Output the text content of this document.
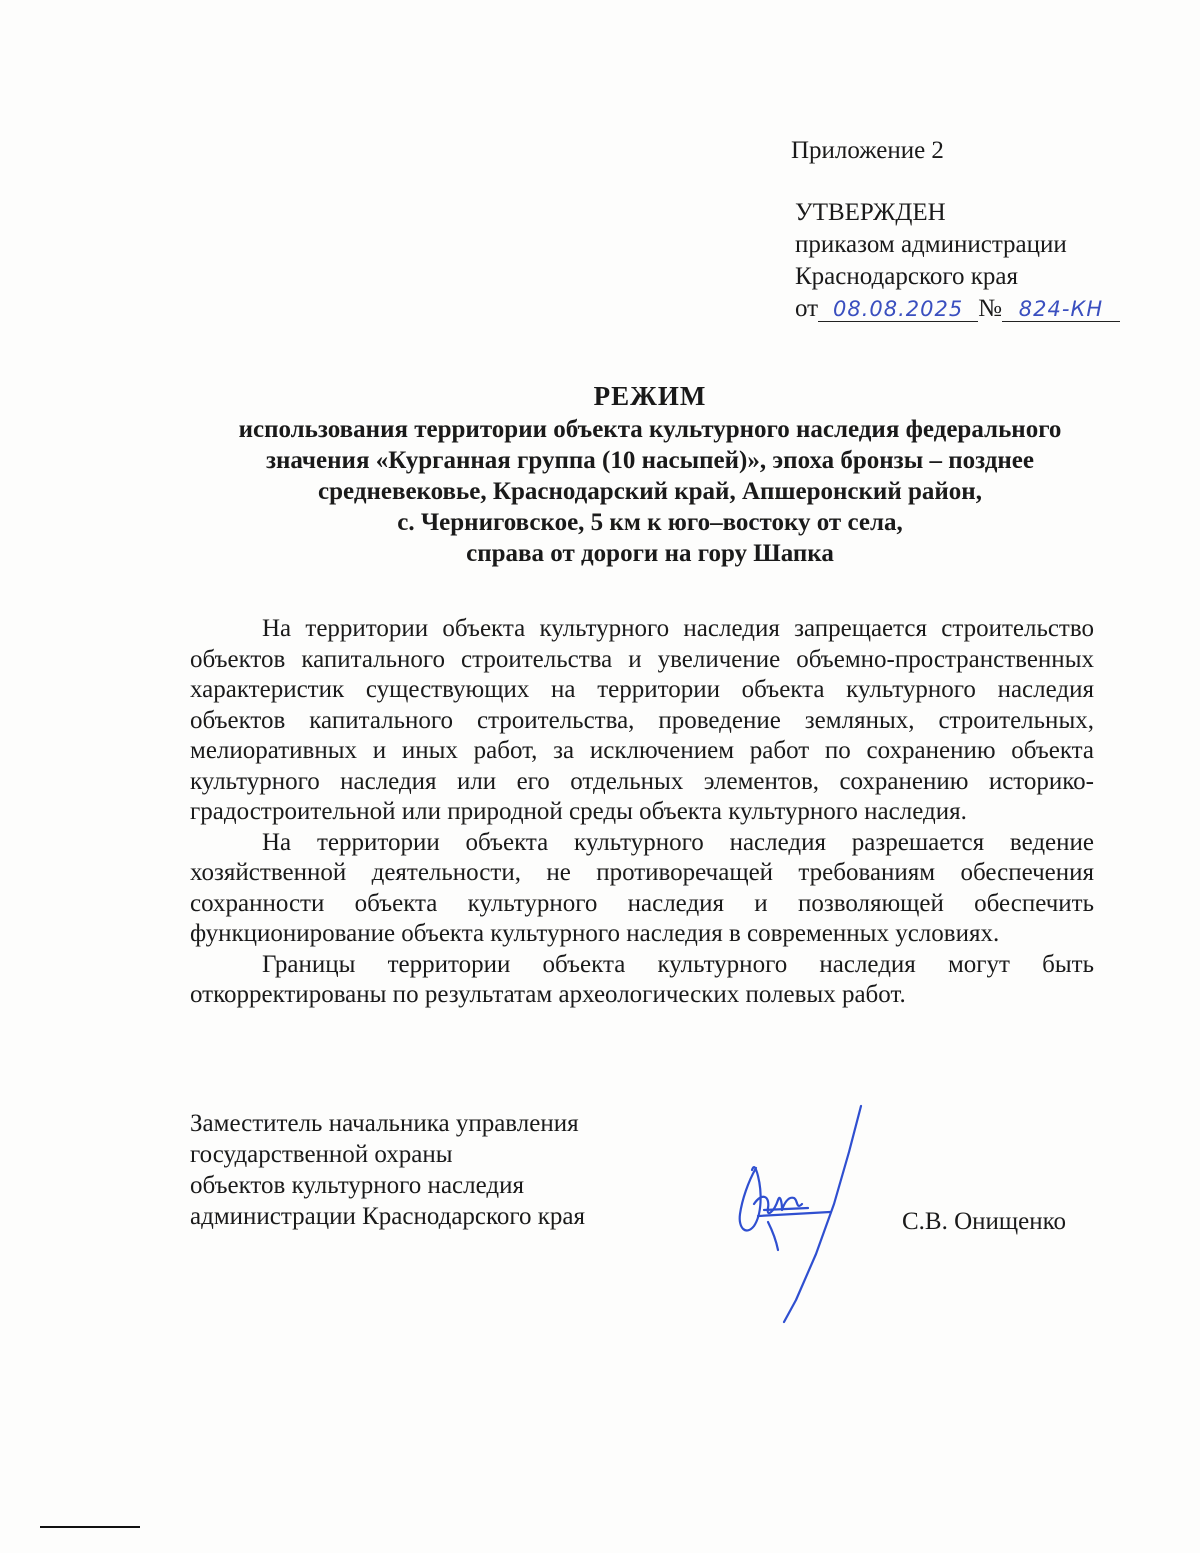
Приложение 2
УТВЕРЖДЕН
приказом администрации
Краснодарского края
от 08.08.2025 № 824-КН
РЕЖИМ
использования территории объекта культурного наследия федерального
значения «Курганная группа (10 насыпей)», эпоха бронзы – позднее
средневековье, Краснодарский край, Апшеронский район,
с. Черниговское, 5 км к юго–востоку от села,
справа от дороги на гору Шапка

На территории объекта культурного наследия запрещается строительство объектов капитального строительства и увеличение объемно-пространственных характеристик существующих на территории объекта культурного наследия объектов капитального строительства, проведение земляных, строительных, мелиоративных и иных работ, за исключением работ по сохранению объекта культурного наследия или его отдельных элементов, сохранению историко-градостроительной или природной среды объекта культурного наследия.

На территории объекта культурного наследия разрешается ведение хозяйственной деятельности, не противоречащей требованиям обеспечения сохранности объекта культурного наследия и позволяющей обеспечить функционирование объекта культурного наследия в современных условиях.

Границы территории объекта культурного наследия могут быть откорректированы по результатам археологических полевых работ.

Заместитель начальника управления
государственной охраны
объектов культурного наследия
администрации Краснодарского края	С.В. Онищенко
